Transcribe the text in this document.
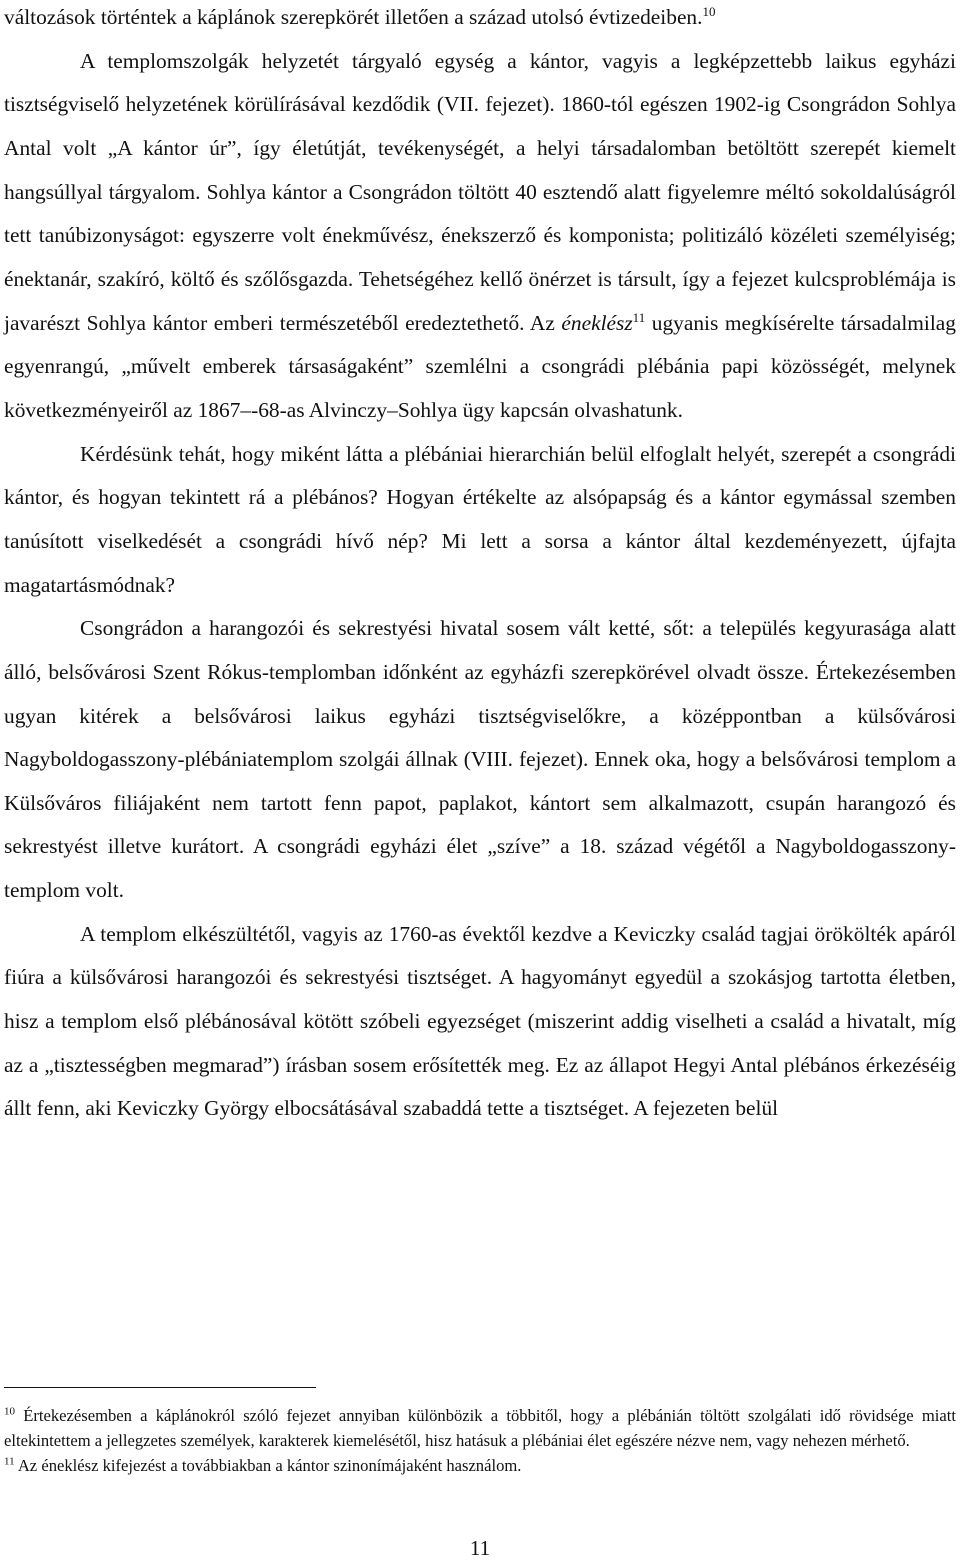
változások történtek a káplánok szerepkörét illetően a század utolsó évtizedeiben.$^{10}$

A templomszolgák helyzetét tárgyaló egység a kántor, vagyis a legképzettebb laikus egyházi tisztségviselő helyzetének körülírásával kezdődik (VII. fejezet). 1860-tól egészen 1902-ig Csongrádon Sohlya Antal volt „A kántor úr”, így életútját, tevékenységét, a helyi társadalomban betöltött szerepét kiemelt hangsúllyal tárgyalom. Sohlya kántor a Csongrádon töltött 40 esztendő alatt figyelemre méltó sokoldalúságról tett tanúbizonyságot: egyszerre volt énekművész, énekszerző és komponista; politizáló közéleti személyiség; énektanár, szakíró, költő és szőlősgazda. Tehetségéhez kellő önérzet is társult, így a fejezet kulcsproblémája is javarészt Sohlya kántor emberi természetéből eredeztethető. Az éneklész$^{11}$ ugyanis megkísérelte társadalmilag egyenrangú, „művelt emberek társaságaként” szemlélni a csongrádi plébánia papi közösségét, melynek következményeiről az 1867–-68-as Alvinczy–Sohlya ügy kapcsán olvashatunk.

Kérdésünk tehát, hogy miként látta a plébániai hierarchián belül elfoglalt helyét, szerepét a csongrádi kántor, és hogyan tekintett rá a plébános? Hogyan értékelte az alsópapság és a kántor egymással szemben tanúsított viselkedését a csongrádi hívő nép? Mi lett a sorsa a kántor által kezdeményezett, újfajta magatartásmódnak?

Csongrádon a harangozói és sekrestyési hivatal sosem vált ketté, sőt: a település kegyurasága alatt álló, belsővárosi Szent Rókus-templomban időnként az egyházfi szerepkörével olvadt össze. Értekezésemben ugyan kitérek a belsővárosi laikus egyházi tisztségviselőkre, a középpontban a külsővárosi Nagyboldogasszony-plébániatemplom szolgái állnak (VIII. fejezet). Ennek oka, hogy a belsővárosi templom a Külsőváros filiájaként nem tartott fenn papot, paplakot, kántort sem alkalmazott, csupán harangozó és sekrestyést illetve kurátort. A csongrádi egyházi élet „szíve” a 18. század végétől a Nagyboldogasszony-templom volt.

A templom elkészültétől, vagyis az 1760-as évektől kezdve a Keviczky család tagjai örökölték apáról fiúra a külsővárosi harangozói és sekrestyési tisztséget. A hagyományt egyedül a szokásjog tartotta életben, hisz a templom első plébánosával kötött szóbeli egyezséget (miszerint addig viselheti a család a hivatalt, míg az a „tisztességben megmarad”) írásban sosem erősítették meg. Ez az állapot Hegyi Antal plébános érkezéséig állt fenn, aki Keviczky György elbocsátásával szabaddá tette a tisztséget. A fejezeten belül

$^{10}$ Értekezésemben a káplánokról szóló fejezet annyiban különbözik a többitől, hogy a plébánián töltött szolgálati idő rövidsége miatt eltekintettem a jellegzetes személyek, karakterek kiemelésétől, hisz hatásuk a plébániai élet egészére nézve nem, vagy nehezen mérhető.

$^{11}$ Az éneklész kifejezést a továbbiakban a kántor szinonímájaként használom.

11
